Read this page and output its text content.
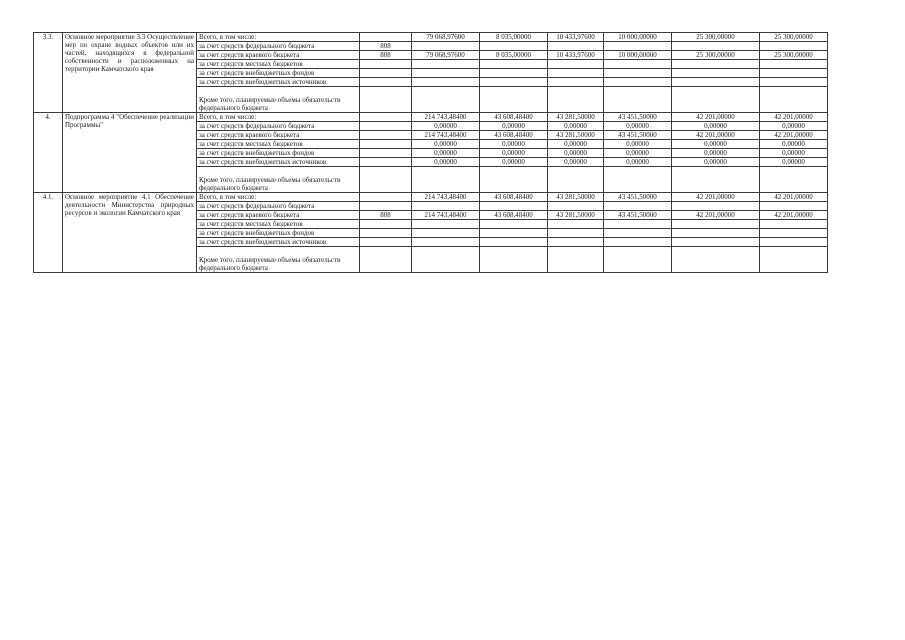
3.3.	Основное мероприятие 3.3 Осуществление мер по охране водных объектов или их частей, находящихся в федеральной собственности и расположенных на территории Камчатского края	Всего, в том числе:		79 068,97600	8 035,00000	10 433,97600	10 000,00000	25 300,00000	25 300,00000
		за счет средств федерального бюджета	808						
		за счет средств краевого бюджета	808	79 068,97600	8 035,00000	10 433,97600	10 000,00000	25 300,00000	25 300,00000
		за счет средств местных бюджетов							
		за счет средств внебюджетных фондов							
		за счет средств внебюджетных источников							
		Кроме того, планируемые объемы обязательств федерального бюджета							
4.	Подпрограмма 4 "Обеспечение реализации Программы"	Всего, в том числе:		214 743,48400	43 608,48400	43 281,50000	43 451,50000	42 201,00000	42 201,00000
		за счет средств федерального бюджета		0,00000	0,00000	0,00000	0,00000	0,00000	0,00000
		за счет средств краевого бюджета		214 743,48400	43 608,48400	43 281,50000	43 451,50000	42 201,00000	42 201,00000
		за счет средств местных бюджетов		0,00000	0,00000	0,00000	0,00000	0,00000	0,00000
		за счет средств внебюджетных фондов		0,00000	0,00000	0,00000	0,00000	0,00000	0,00000
		за счет средств внебюджетных источников		0,00000	0,00000	0,00000	0,00000	0,00000	0,00000
		Кроме того, планируемые объемы обязательств федерального бюджета							
4.1.	Основное мероприятие 4.1 Обеспечение деятельности Министерства природных ресурсов и экологии Камчатского края	Всего, в том числе:		214 743,48400	43 608,48400	43 281,50000	43 451,50000	42 201,00000	42 201,00000
		за счет средств федерального бюджета							
		за счет средств краевого бюджета	808	214 743,48400	43 608,48400	43 281,50000	43 451,50000	42 201,00000	42 201,00000
		за счет средств местных бюджетов							
		за счет средств внебюджетных фондов							
		за счет средств внебюджетных источников							
		Кроме того, планируемые объемы обязательств федерального бюджета							
